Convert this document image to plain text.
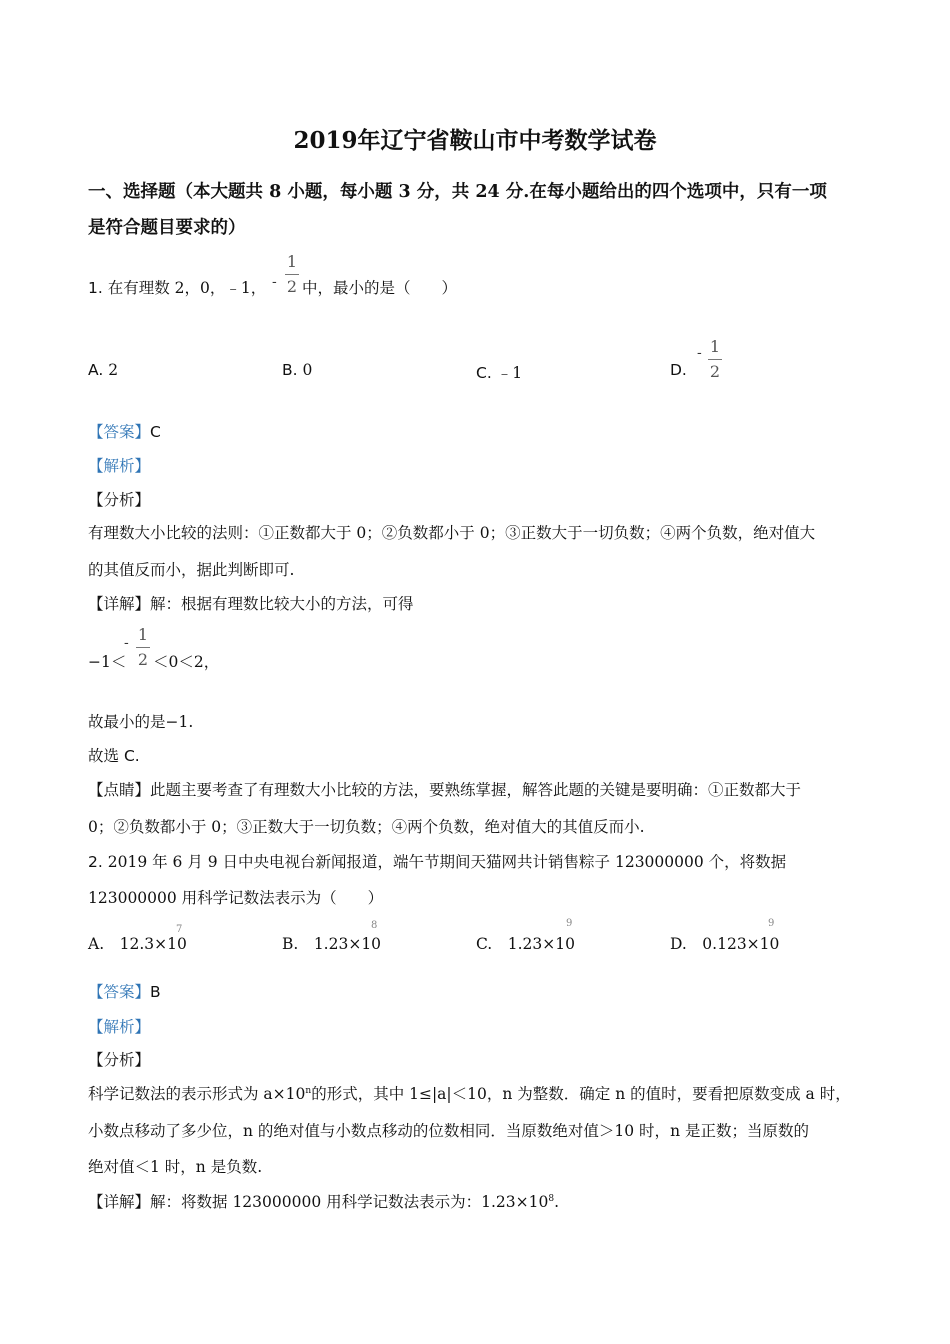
2019年辽宁省鞍山市中考数学试卷
一、选择题（本大题共 8 小题，每小题 3 分，共 24 分.在每小题给出的四个选项中，只有一项
是符合题目要求的）
1. 在有理数 2，0，﹣1， -
1
2 中，最小的是（　　）
A. 2	B. 0	C. ﹣1	D.
- 1
2
【答案】C
【解析】
【分析】
有理数大小比较的法则：①正数都大于 0；②负数都小于 0；③正数大于一切负数；④两个负数，绝对值大
的其值反而小，据此判断即可.
【详解】解：根据有理数比较大小的方法，可得
−1＜
- 1
2 ＜0＜2，
故最小的是−1.
故选 C.
【点睛】此题主要考查了有理数大小比较的方法，要熟练掌握，解答此题的关键是要明确：①正数都大于
0；②负数都小于 0；③正数大于一切负数；④两个负数，绝对值大的其值反而小.
2. 2019 年 6 月 9 日中央电视台新闻报道，端午节期间天猫网共计销售粽子 123000000 个，将数据
123000000 用科学记数法表示为（　　）
A.　12.3×10
7
B.　1.23×10
8
C.　1.23×10
9
D.　0.123×10
9
【答案】B
【解析】
【分析】
科学记数法的表示形式为 $a\times 10^n$的形式，其中 1≤|a|＜10，n 为整数．确定 n 的值时，要看把原数变成 a 时，
小数点移动了多少位，n 的绝对值与小数点移动的位数相同．当原数绝对值＞10 时，n 是正数；当原数的
绝对值＜1 时，n 是负数.
【详解】解：将数据 123000000 用科学记数法表示为：$1.23\times 10^8$.
